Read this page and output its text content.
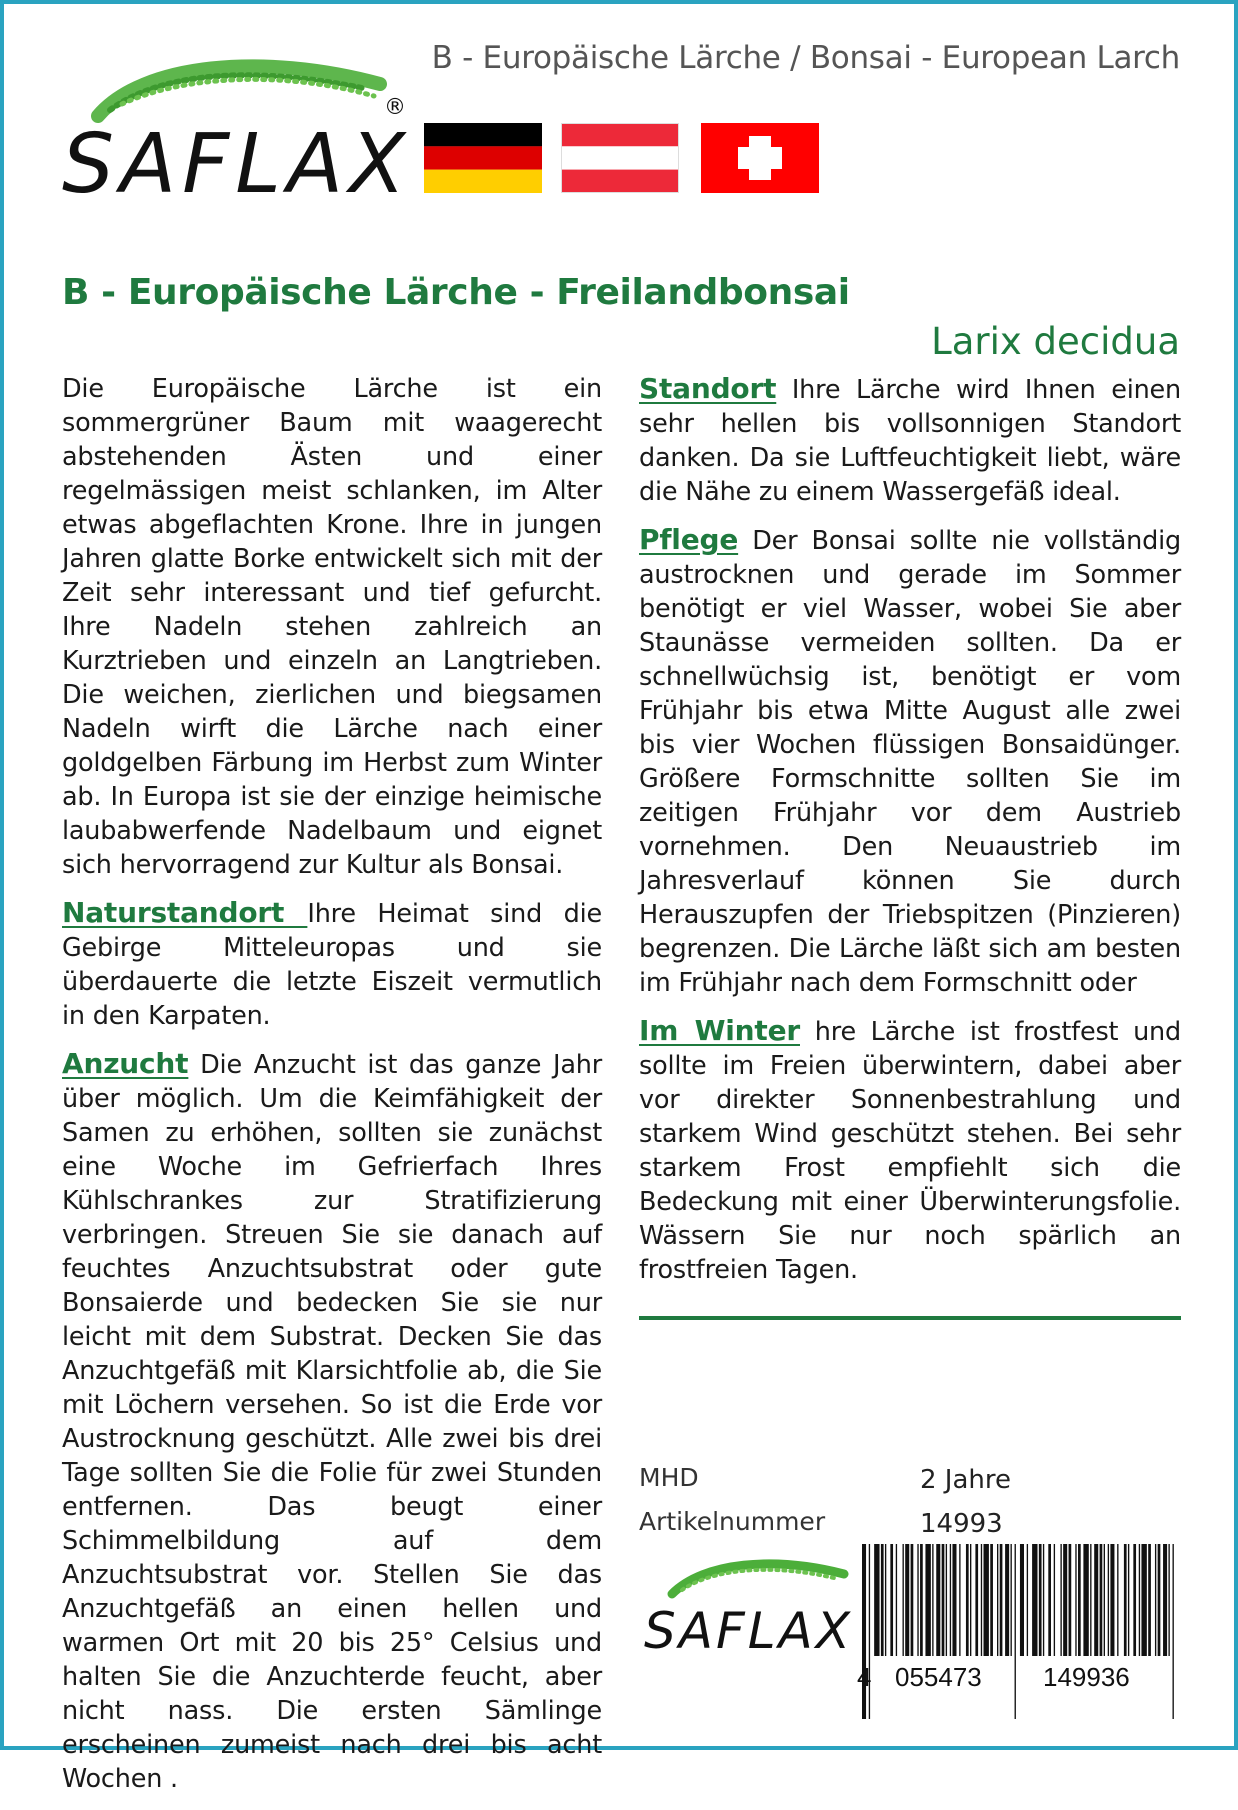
B - Europäische Lärche / Bonsai - European Larch
SAFLAX
®
B - Europäische Lärche - Freilandbonsai
Larix decidua

Die Europäische Lärche ist ein sommergrüner Baum mit waagerecht abstehenden Ästen und einer regelmässigen meist schlanken, im Alter etwas abgeflachten Krone. Ihre in jungen Jahren glatte Borke entwickelt sich mit der Zeit sehr interessant und tief gefurcht. Ihre Nadeln stehen zahlreich an Kurztrieben und einzeln an Langtrieben. Die weichen, zierlichen und biegsamen Nadeln wirft die Lärche nach einer goldgelben Färbung im Herbst zum Winter ab. In Europa ist sie der einzige heimische laubabwerfende Nadelbaum und eignet sich hervorragend zur Kultur als Bonsai.

Naturstandort Ihre Heimat sind die Gebirge Mitteleuropas und sie überdauerte die letzte Eiszeit vermutlich in den Karpaten.

Anzucht Die Anzucht ist das ganze Jahr über möglich. Um die Keimfähigkeit der Samen zu erhöhen, sollten sie zunächst eine Woche im Gefrierfach Ihres Kühlschrankes zur Stratifizierung verbringen. Streuen Sie sie danach auf feuchtes Anzuchtsubstrat oder gute Bonsaierde und bedecken Sie sie nur leicht mit dem Substrat. Decken Sie das Anzuchtgefäß mit Klarsichtfolie ab, die Sie mit Löchern versehen. So ist die Erde vor Austrocknung geschützt. Alle zwei bis drei Tage sollten Sie die Folie für zwei Stunden entfernen. Das beugt einer Schimmelbildung auf dem Anzuchtsubstrat vor. Stellen Sie das Anzuchtgefäß an einen hellen und warmen Ort mit 20 bis 25° Celsius und halten Sie die Anzuchterde feucht, aber nicht nass. Die ersten Sämlinge erscheinen zumeist nach drei bis acht Wochen .

Standort Ihre Lärche wird Ihnen einen sehr hellen bis vollsonnigen Standort danken. Da sie Luftfeuchtigkeit liebt, wäre die Nähe zu einem Wassergefäß ideal.

Pflege Der Bonsai sollte nie vollständig austrocknen und gerade im Sommer benötigt er viel Wasser, wobei Sie aber Staunässe vermeiden sollten. Da er schnellwüchsig ist, benötigt er vom Frühjahr bis etwa Mitte August alle zwei bis vier Wochen flüssigen Bonsaidünger. Größere Formschnitte sollten Sie im zeitigen Frühjahr vor dem Austrieb vornehmen. Den Neuaustrieb im Jahresverlauf können Sie durch Herauszupfen der Triebspitzen (Pinzieren) begrenzen. Die Lärche läßt sich am besten im Frühjahr nach dem Formschnitt oder

Im Winter hre Lärche ist frostfest und sollte im Freien überwintern, dabei aber vor direkter Sonnenbestrahlung und starkem Wind geschützt stehen. Bei sehr starkem Frost empfiehlt sich die Bedeckung mit einer Überwinterungsfolie. Wässern Sie nur noch spärlich an frostfreien Tagen.

MHD	2 Jahre
Artikelnummer	14993
SAFLAX
4 055473 149936
